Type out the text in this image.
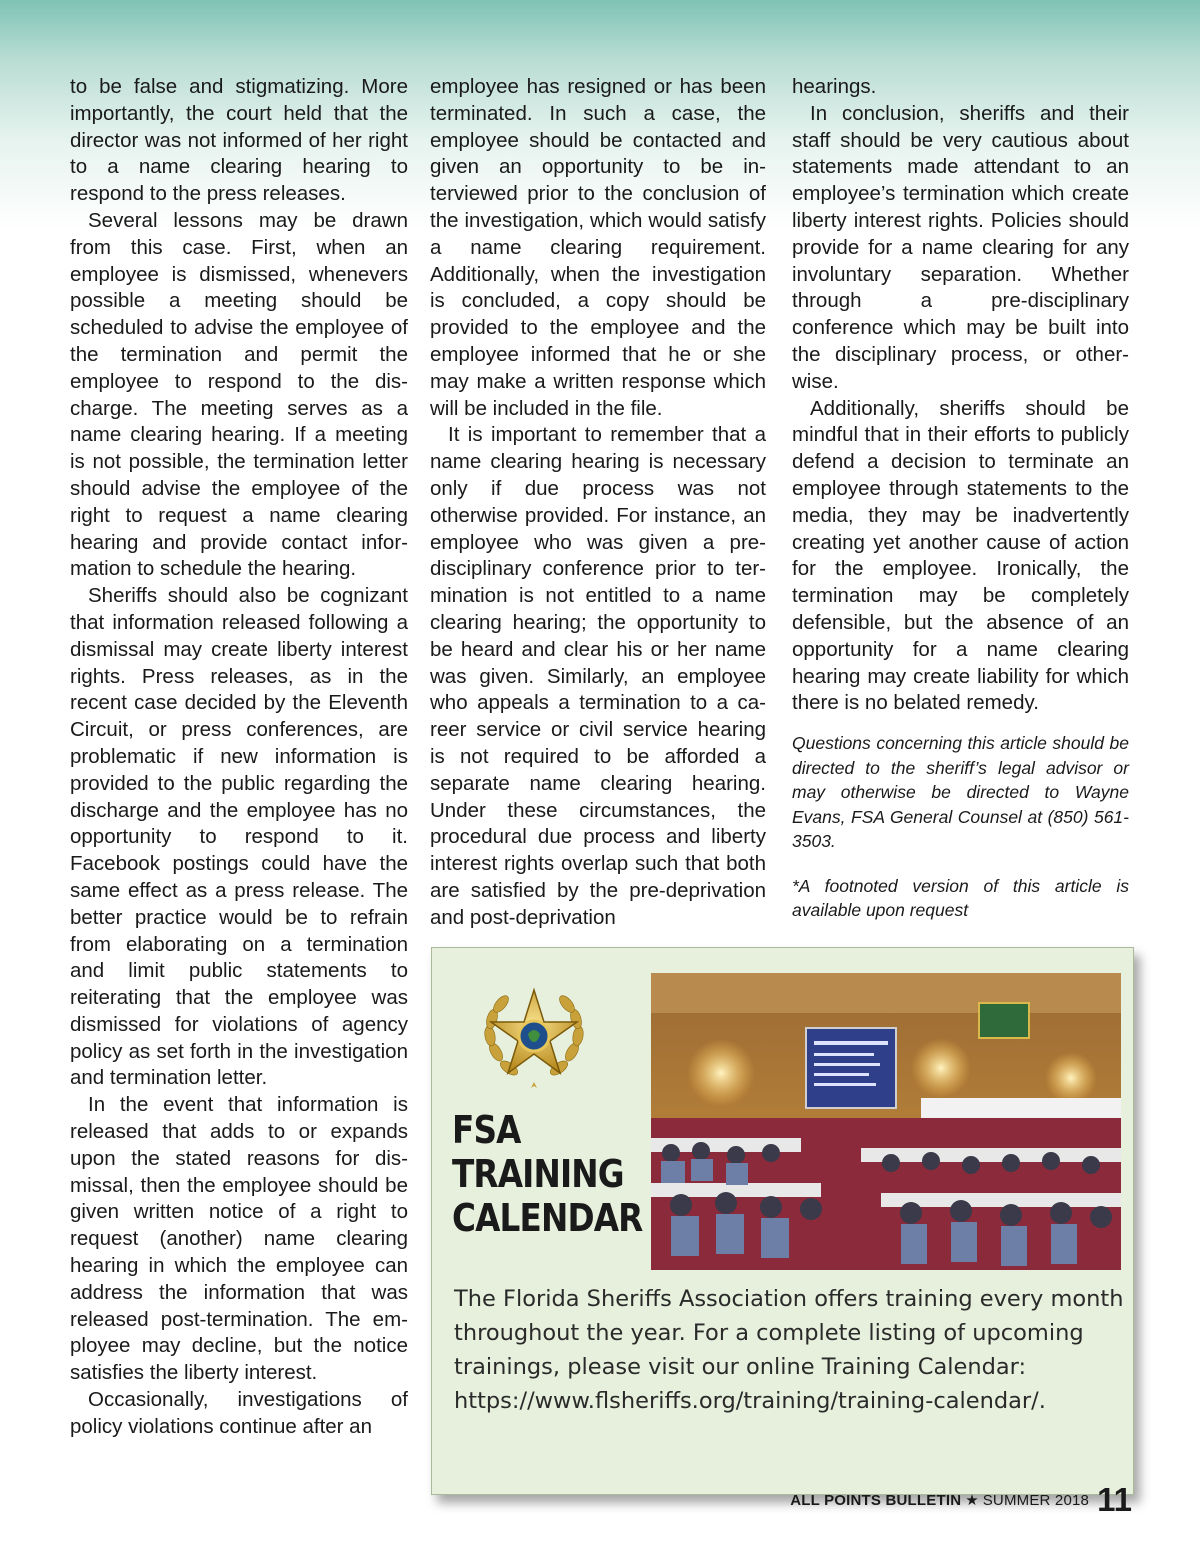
to be false and stigmatizing. More importantly, the court held that the director was not informed of her right to a name clearing hearing to respond to the press releases.

Several lessons may be drawn from this case. First, when an employee is dismissed, whenevers possible a meeting should be scheduled to advise the employee of the termination and permit the employee to respond to the discharge. The meeting serves as a name clearing hearing. If a meeting is not possible, the termination letter should advise the employee of the right to request a name clearing hearing and provide contact information to schedule the hearing.

Sheriffs should also be cognizant that information released following a dismissal may create liberty interest rights. Press releases, as in the recent case decided by the Eleventh Circuit, or press conferences, are problematic if new information is provided to the public regarding the discharge and the employee has no opportunity to respond to it. Facebook postings could have the same effect as a press release. The better practice would be to refrain from elaborating on a termination and limit public statements to reiterating that the employee was dismissed for violations of agency policy as set forth in the investigation and termination letter.

In the event that information is released that adds to or expands upon the stated reasons for dismissal, then the employee should be given written notice of a right to request (another) name clearing hearing in which the employee can address the information that was released post-termination. The employee may decline, but the notice satisfies the liberty interest.

Occasionally, investigations of policy violations continue after an

employee has resigned or has been terminated. In such a case, the employee should be contacted and given an opportunity to be interviewed prior to the conclusion of the investigation, which would satisfy a name clearing requirement. Additionally, when the investigation is concluded, a copy should be provided to the employee and the employee informed that he or she may make a written response which will be included in the file.

It is important to remember that a name clearing hearing is necessary only if due process was not otherwise provided. For instance, an employee who was given a pre-disciplinary conference prior to termination is not entitled to a name clearing hearing; the opportunity to be heard and clear his or her name was given. Similarly, an employee who appeals a termination to a career service or civil service hearing is not required to be afforded a separate name clearing hearing. Under these circumstances, the procedural due process and liberty interest rights overlap such that both are satisfied by the pre-deprivation and post-deprivation

hearings.

In conclusion, sheriffs and their staff should be very cautious about statements made attendant to an employee’s termination which create liberty interest rights. Policies should provide for a name clearing for any involuntary separation. Whether through a pre-disciplinary conference which may be built into the disciplinary process, or otherwise.

Additionally, sheriffs should be mindful that in their efforts to publicly defend a decision to terminate an employee through statements to the media, they may be inadvertently creating yet another cause of action for the employee. Ironically, the termination may be completely defensible, but the absence of an opportunity for a name clearing hearing may create liability for which there is no belated remedy.

Questions concerning this article should be directed to the sheriff’s legal advisor or may otherwise be directed to Wayne Evans, FSA General Counsel at (850) 561-3503.

*A footnoted version of this article is available upon request

FSA
TRAINING
CALENDAR
The Florida Sheriffs Association offers training every month throughout the year. For a complete listing of upcoming trainings, please visit our online Training Calendar: https://www.flsheriffs.org/training/training-calendar/.
ALL POINTS BULLETIN ★ SUMMER 2018 11
